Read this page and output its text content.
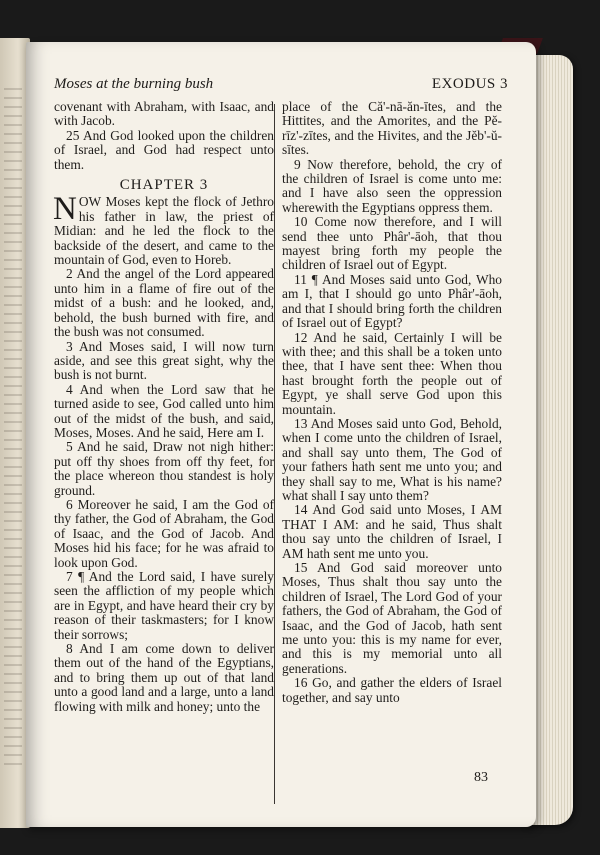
Moses at the burning bush	EXODUS 3

covenant with Abraham, with Isaac, and with Jacob.

25 And God looked upon the children of Israel, and God had respect unto them.

CHAPTER 3

NOW Moses kept the flock of Jethro his father in law, the priest of Midian: and he led the flock to the backside of the desert, and came to the mountain of God, even to Horeb.

2 And the angel of the Lord appeared unto him in a flame of fire out of the midst of a bush: and he looked, and, behold, the bush burned with fire, and the bush was not consumed.

3 And Moses said, I will now turn aside, and see this great sight, why the bush is not burnt.

4 And when the Lord saw that he turned aside to see, God called unto him out of the midst of the bush, and said, Moses, Moses. And he said, Here am I.

5 And he said, Draw not nigh hither: put off thy shoes from off thy feet, for the place whereon thou standest is holy ground.

6 Moreover he said, I am the God of thy father, the God of Abraham, the God of Isaac, and the God of Jacob. And Moses hid his face; for he was afraid to look upon God.

7 ¶ And the Lord said, I have surely seen the affliction of my people which are in Egypt, and have heard their cry by reason of their taskmasters; for I know their sorrows;

8 And I am come down to deliver them out of the hand of the Egyptians, and to bring them up out of that land unto a good land and a large, unto a land flowing with milk and honey; unto the

place of the Că'-nā-ăn-ītes, and the Hittites, and the Amorites, and the Pĕ-rīz'-zītes, and the Hivites, and the Jĕb'-ŭ-sītes.

9 Now therefore, behold, the cry of the children of Israel is come unto me: and I have also seen the oppression wherewith the Egyptians oppress them.

10 Come now therefore, and I will send thee unto Phâr'-āoh, that thou mayest bring forth my people the children of Israel out of Egypt.

11 ¶ And Moses said unto God, Who am I, that I should go unto Phâr'-āoh, and that I should bring forth the children of Israel out of Egypt?

12 And he said, Certainly I will be with thee; and this shall be a token unto thee, that I have sent thee: When thou hast brought forth the people out of Egypt, ye shall serve God upon this mountain.

13 And Moses said unto God, Behold, when I come unto the children of Israel, and shall say unto them, The God of your fathers hath sent me unto you; and they shall say to me, What is his name? what shall I say unto them?

14 And God said unto Moses, I AM THAT I AM: and he said, Thus shalt thou say unto the children of Israel, I AM hath sent me unto you.

15 And God said moreover unto Moses, Thus shalt thou say unto the children of Israel, The Lord God of your fathers, the God of Abraham, the God of Isaac, and the God of Jacob, hath sent me unto you: this is my name for ever, and this is my memorial unto all generations.

16 Go, and gather the elders of Israel together, and say unto

83
